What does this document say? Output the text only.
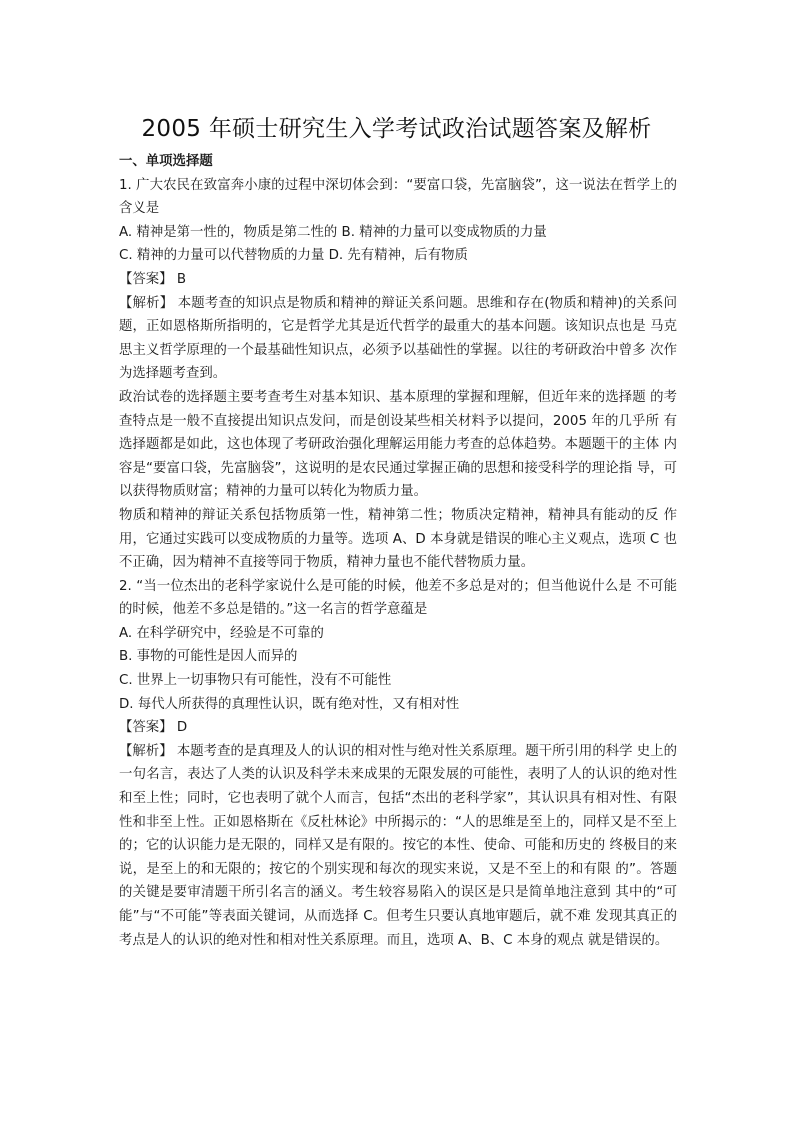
2005 年硕士研究生入学考试政治试题答案及解析

一、单项选择题

1. 广大农民在致富奔小康的过程中深切体会到：“要富口袋，先富脑袋”，这一说法在哲学上的含义是

A. 精神是第一性的，物质是第二性的 B. 精神的力量可以变成物质的力量

C. 精神的力量可以代替物质的力量 D. 先有精神，后有物质

【答案】 B

【解析】 本题考查的知识点是物质和精神的辩证关系问题。思维和存在(物质和精神)的关系问题，正如恩格斯所指明的，它是哲学尤其是近代哲学的最重大的基本问题。该知识点也是 马克思主义哲学原理的一个最基础性知识点，必须予以基础性的掌握。以往的考研政治中曾多 次作为选择题考查到。

政治试卷的选择题主要考查考生对基本知识、基本原理的掌握和理解，但近年来的选择题 的考查特点是一般不直接提出知识点发问，而是创设某些相关材料予以提问，2005 年的几乎所 有选择题都是如此，这也体现了考研政治强化理解运用能力考查的总体趋势。本题题干的主体 内容是“要富口袋，先富脑袋”，这说明的是农民通过掌握正确的思想和接受科学的理论指 导，可以获得物质财富；精神的力量可以转化为物质力量。

物质和精神的辩证关系包括物质第一性，精神第二性；物质决定精神，精神具有能动的反 作用，它通过实践可以变成物质的力量等。选项 A、D 本身就是错误的唯心主义观点，选项 C 也不正确，因为精神不直接等同于物质，精神力量也不能代替物质力量。

2. “当一位杰出的老科学家说什么是可能的时候，他差不多总是对的；但当他说什么是 不可能的时候，他差不多总是错的。”这一名言的哲学意蕴是

A. 在科学研究中，经验是不可靠的

B. 事物的可能性是因人而异的

C. 世界上一切事物只有可能性，没有不可能性

D. 每代人所获得的真理性认识，既有绝对性，又有相对性

【答案】 D

【解析】 本题考查的是真理及人的认识的相对性与绝对性关系原理。题干所引用的科学 史上的一句名言，表达了人类的认识及科学未来成果的无限发展的可能性，表明了人的认识的绝对性和至上性；同时，它也表明了就个人而言，包括“杰出的老科学家”，其认识具有相对性、有限性和非至上性。正如恩格斯在《反杜林论》中所揭示的：“人的思维是至上的，同样又是不至上的；它的认识能力是无限的，同样又是有限的。按它的本性、使命、可能和历史的 终极目的来说，是至上的和无限的；按它的个别实现和每次的现实来说，又是不至上的和有限 的”。答题的关键是要审清题干所引名言的涵义。考生较容易陷入的误区是只是简单地注意到 其中的“可能”与“不可能”等表面关键词，从而选择 C。但考生只要认真地审题后，就不难 发现其真正的考点是人的认识的绝对性和相对性关系原理。而且，选项 A、B、C 本身的观点 就是错误的。
